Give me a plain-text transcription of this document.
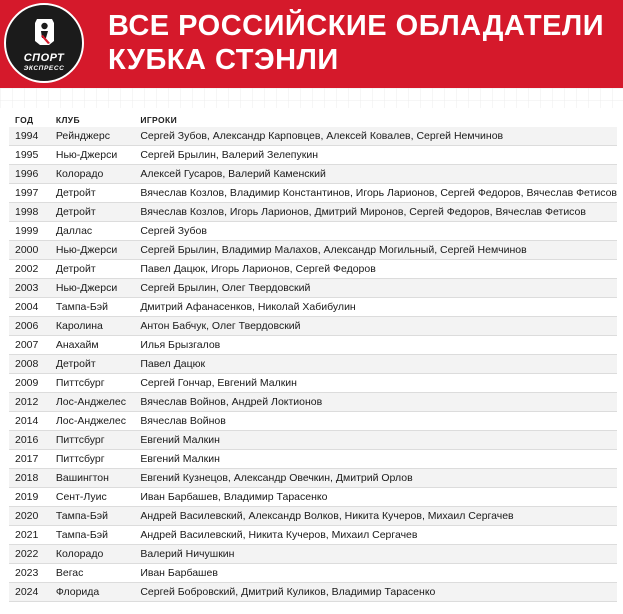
СПОРТ
ЭКСПРЕСС
ВСЕ РОССИЙСКИЕ ОБЛАДАТЕЛИ
КУБКА СТЭНЛИ
ГОД	КЛУБ	ИГРОКИ
1994	Рейнджерс	Сергей Зубов, Александр Карповцев, Алексей Ковалев, Сергей Немчинов
1995	Нью-Джерси	Сергей Брылин, Валерий Зелепукин
1996	Колорадо	Алексей Гусаров, Валерий Каменский
1997	Детройт	Вячеслав Козлов, Владимир Константинов, Игорь Ларионов, Сергей Федоров, Вячеслав Фетисов
1998	Детройт	Вячеслав Козлов, Игорь Ларионов, Дмитрий Миронов, Сергей Федоров, Вячеслав Фетисов
1999	Даллас	Сергей Зубов
2000	Нью-Джерси	Сергей Брылин, Владимир Малахов, Александр Могильный, Сергей Немчинов
2002	Детройт	Павел Дацюк, Игорь Ларионов, Сергей Федоров
2003	Нью-Джерси	Сергей Брылин, Олег Твердовский
2004	Тампа-Бэй	Дмитрий Афанасенков, Николай Хабибулин
2006	Каролина	Антон Бабчук, Олег Твердовский
2007	Анахайм	Илья Брызгалов
2008	Детройт	Павел Дацюк
2009	Питтсбург	Сергей Гончар, Евгений Малкин
2012	Лос-Анджелес	Вячеслав Войнов, Андрей Локтионов
2014	Лос-Анджелес	Вячеслав Войнов
2016	Питтсбург	Евгений Малкин
2017	Питтсбург	Евгений Малкин
2018	Вашингтон	Евгений Кузнецов, Александр Овечкин, Дмитрий Орлов
2019	Сент-Луис	Иван Барбашев, Владимир Тарасенко
2020	Тампа-Бэй	Андрей Василевский, Александр Волков, Никита Кучеров, Михаил Сергачев
2021	Тампа-Бэй	Андрей Василевский, Никита Кучеров, Михаил Сергачев
2022	Колорадо	Валерий Ничушкин
2023	Вегас	Иван Барбашев
2024	Флорида	Сергей Бобровский, Дмитрий Куликов, Владимир Тарасенко
